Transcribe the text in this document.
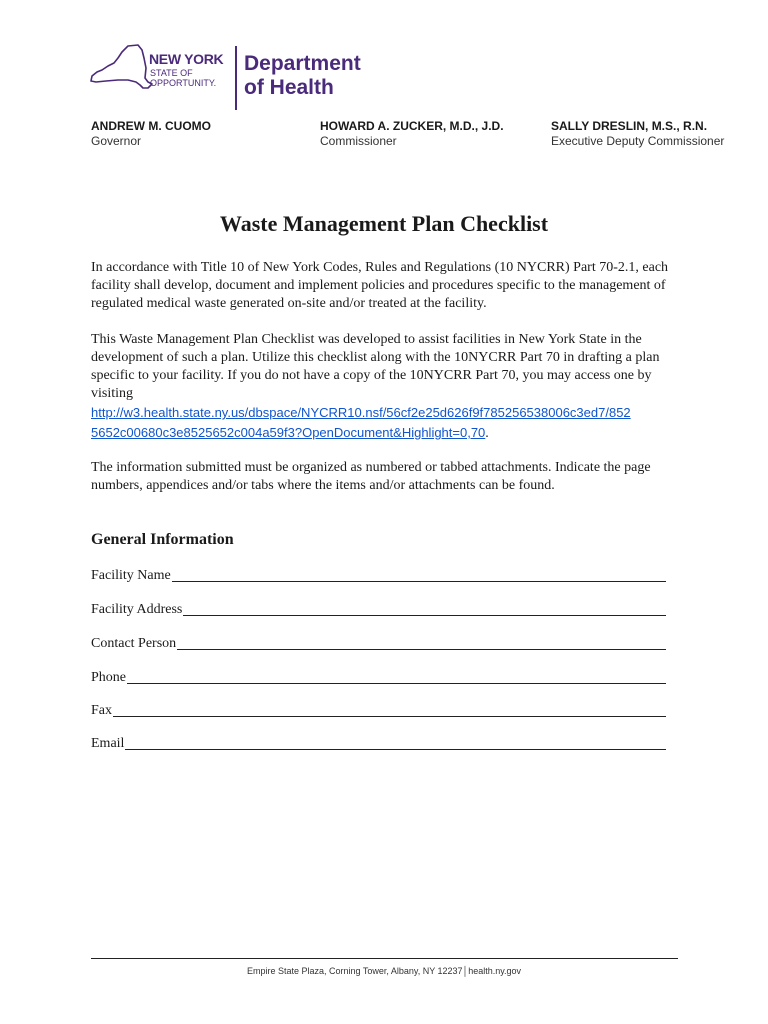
NEW YORK
STATE OF
OPPORTUNITY.
Department
of Health
ANDREW M. CUOMO
Governor
HOWARD A. ZUCKER, M.D., J.D.
Commissioner
SALLY DRESLIN, M.S., R.N.
Executive Deputy Commissioner
Waste Management Plan Checklist
In accordance with Title 10 of New York Codes, Rules and Regulations (10 NYCRR) Part 70-2.1, each facility shall develop, document and implement policies and procedures specific to the management of regulated medical waste generated on-site and/or treated at the facility.
This Waste Management Plan Checklist was developed to assist facilities in New York State in the development of such a plan. Utilize this checklist along with the 10NYCRR Part 70 in drafting a plan specific to your facility. If you do not have a copy of the 10NYCRR Part 70, you may access one by visiting
http://w3.health.state.ny.us/dbspace/NYCRR10.nsf/56cf2e25d626f9f785256538006c3ed7/852
5652c00680c3e8525652c004a59f3?OpenDocument&Highlight=0,70.
The information submitted must be organized as numbered or tabbed attachments. Indicate the page numbers, appendices and/or tabs where the items and/or attachments can be found.
General Information
Facility Name
Facility Address
Contact Person
Phone
Fax
Email
Empire State Plaza, Corning Tower, Albany, NY 12237│health.ny.gov
